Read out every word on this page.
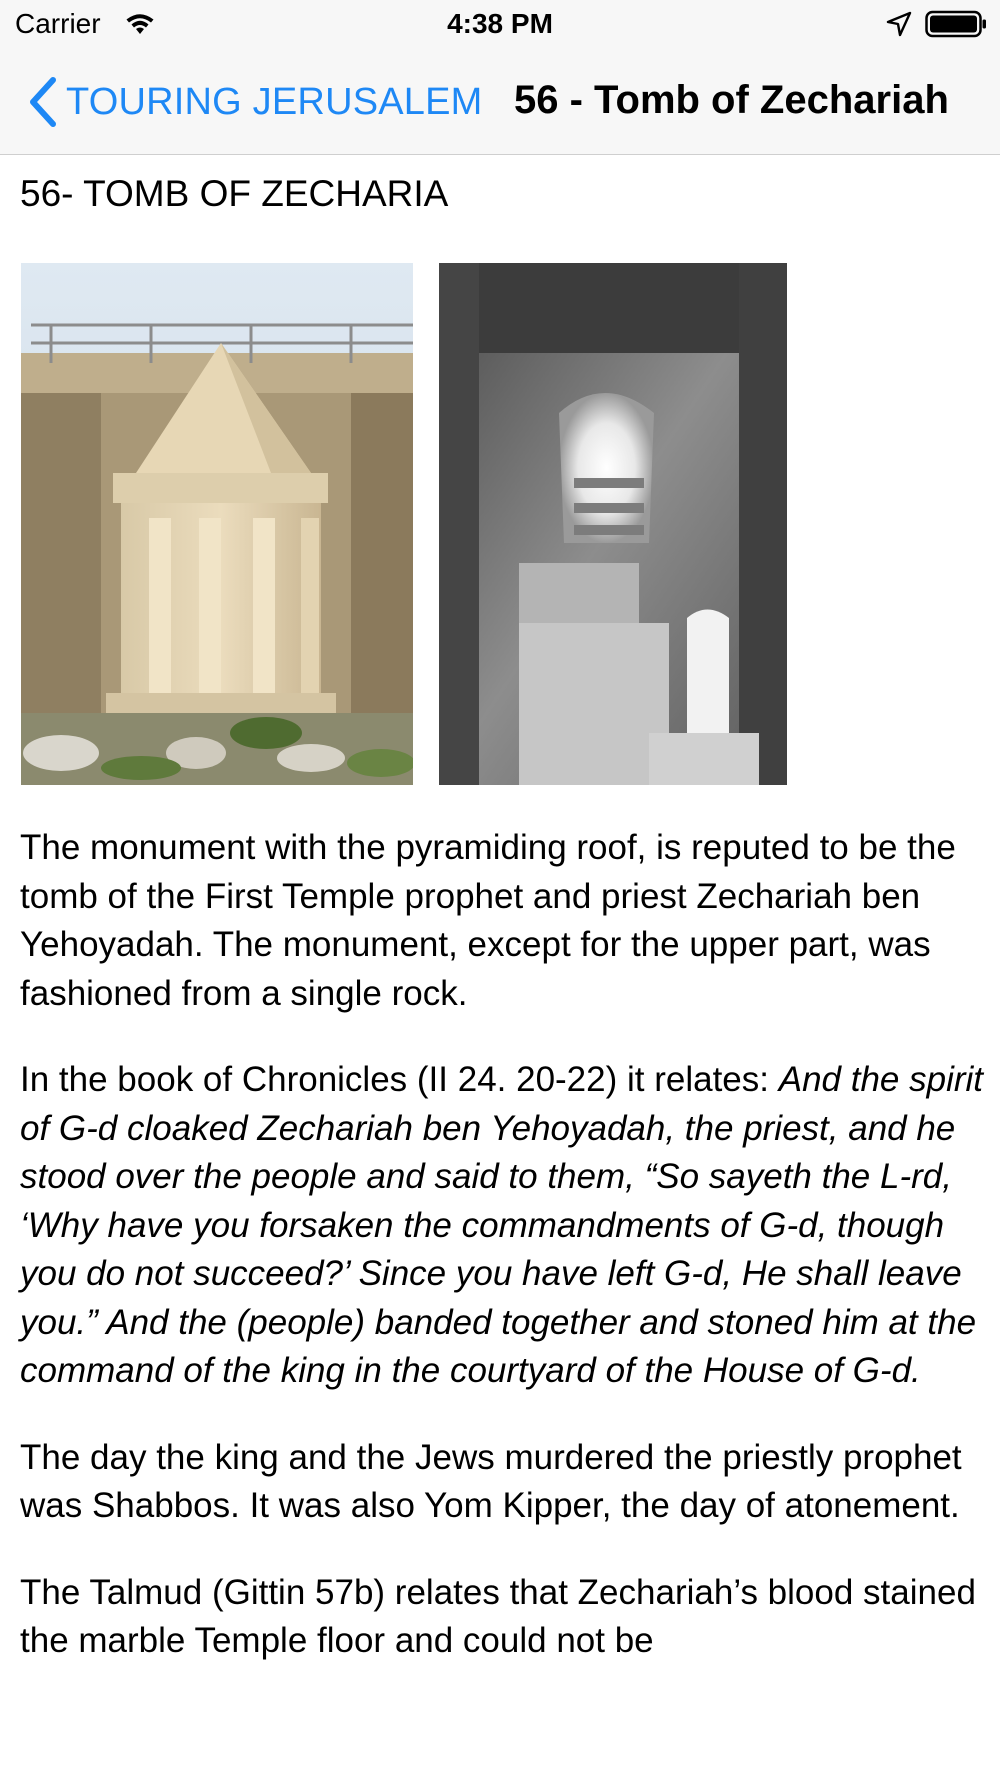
Carrier	4:38 PM
TOURING JERUSALEM 56 - Tomb of Zechariah
56- TOMB OF ZECHARIA

The monument with the pyramiding roof, is reputed to be the tomb of the First Temple prophet and priest Zechariah ben Yehoyadah. The monument, except for the upper part, was fashioned from a single rock.

In the book of Chronicles (II 24. 20-22) it relates: And the spirit of G-d cloaked Zechariah ben Yehoyadah, the priest, and he stood over the people and said to them, “So sayeth the L-rd, ‘Why have you forsaken the commandments of G-d, though you do not succeed?’ Since you have left G-d, He shall leave you.” And the (people) banded together and stoned him at the command of the king in the courtyard of the House of G-d.

The day the king and the Jews murdered the priestly prophet was Shabbos. It was also Yom Kipper, the day of atonement.

The Talmud (Gittin 57b) relates that Zechariah’s blood stained the marble Temple floor and could not be
